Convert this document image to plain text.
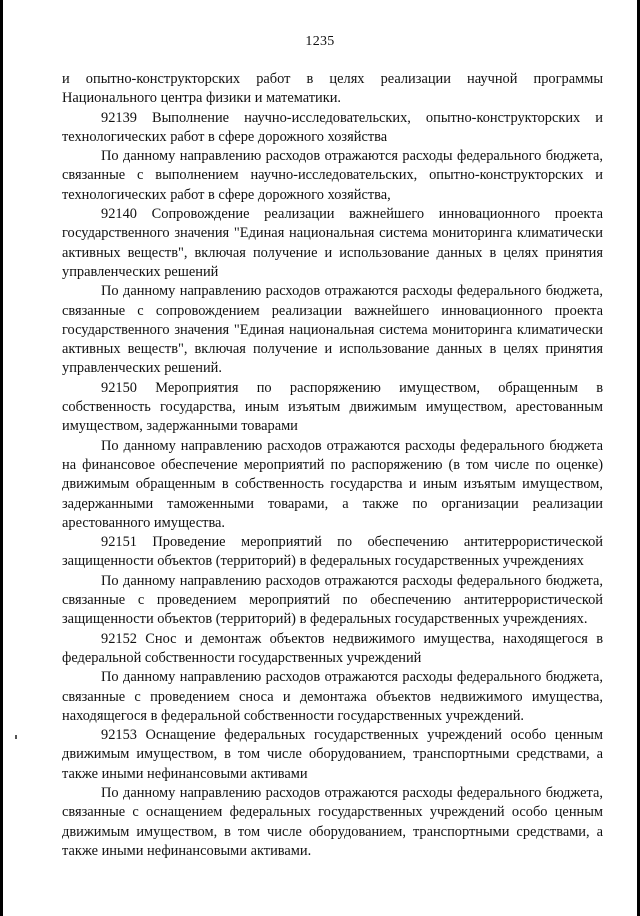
1235

и опытно-конструкторских работ в целях реализации научной программы Национального центра физики и математики.

92139 Выполнение научно-исследовательских, опытно-конструкторских и технологических работ в сфере дорожного хозяйства

По данному направлению расходов отражаются расходы федерального бюджета, связанные с выполнением научно-исследовательских, опытно-конструкторских и технологических работ в сфере дорожного хозяйства,

92140 Сопровождение реализации важнейшего инновационного проекта государственного значения "Единая национальная система мониторинга климатически активных веществ", включая получение и использование данных в целях принятия управленческих решений

По данному направлению расходов отражаются расходы федерального бюджета, связанные с сопровождением реализации важнейшего инновационного проекта государственного значения "Единая национальная система мониторинга климатически активных веществ", включая получение и использование данных в целях принятия управленческих решений.

92150 Мероприятия по распоряжению имуществом, обращенным в собственность государства, иным изъятым движимым имуществом, арестованным имуществом, задержанными товарами

По данному направлению расходов отражаются расходы федерального бюджета на финансовое обеспечение мероприятий по распоряжению (в том числе по оценке) движимым обращенным в собственность государства и иным изъятым имуществом, задержанными таможенными товарами, а также по организации реализации арестованного имущества.

92151 Проведение мероприятий по обеспечению антитеррористической защищенности объектов (территорий) в федеральных государственных учреждениях

По данному направлению расходов отражаются расходы федерального бюджета, связанные с проведением мероприятий по обеспечению антитеррористической защищенности объектов (территорий) в федеральных государственных учреждениях.

92152 Снос и демонтаж объектов недвижимого имущества, находящегося в федеральной собственности государственных учреждений

По данному направлению расходов отражаются расходы федерального бюджета, связанные с проведением сноса и демонтажа объектов недвижимого имущества, находящегося в федеральной собственности государственных учреждений.

92153 Оснащение федеральных государственных учреждений особо ценным движимым имуществом, в том числе оборудованием, транспортными средствами, а также иными нефинансовыми активами

По данному направлению расходов отражаются расходы федерального бюджета, связанные с оснащением федеральных государственных учреждений особо ценным движимым имуществом, в том числе оборудованием, транспортными средствами, а также иными нефинансовыми активами.
